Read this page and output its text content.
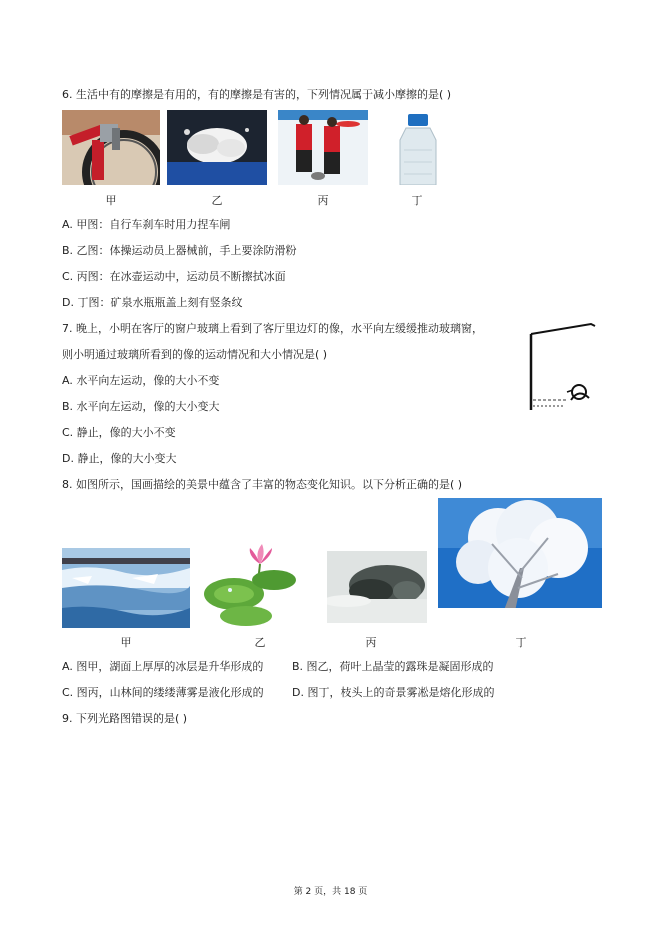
6. 生活中有的摩擦是有用的，有的摩擦是有害的，下列情况属于减小摩擦的是( )
甲	乙	丙	丁
A. 甲图：自行车刹车时用力捏车闸
B. 乙图：体操运动员上器械前，手上要涂防滑粉
C. 丙图：在冰壶运动中，运动员不断擦拭冰面
D. 丁图：矿泉水瓶瓶盖上刻有竖条纹
7. 晚上，小明在客厅的窗户玻璃上看到了客厅里边灯的像，水平向左缓缓推动玻璃窗，
则小明通过玻璃所看到的像的运动情况和大小情况是( )
A. 水平向左运动，像的大小不变
B. 水平向左运动，像的大小变大
C. 静止，像的大小不变
D. 静止，像的大小变大
8. 如图所示，国画描绘的美景中蕴含了丰富的物态变化知识。以下分析正确的是( )
甲	乙	丙	丁
A. 图甲，湖面上厚厚的冰层是升华形成的	B. 图乙，荷叶上晶莹的露珠是凝固形成的
C. 图丙，山林间的缕缕薄雾是液化形成的	D. 图丁，枝头上的奇景雾凇是熔化形成的
9. 下列光路图错误的是( )
第 2 页，共 18 页
